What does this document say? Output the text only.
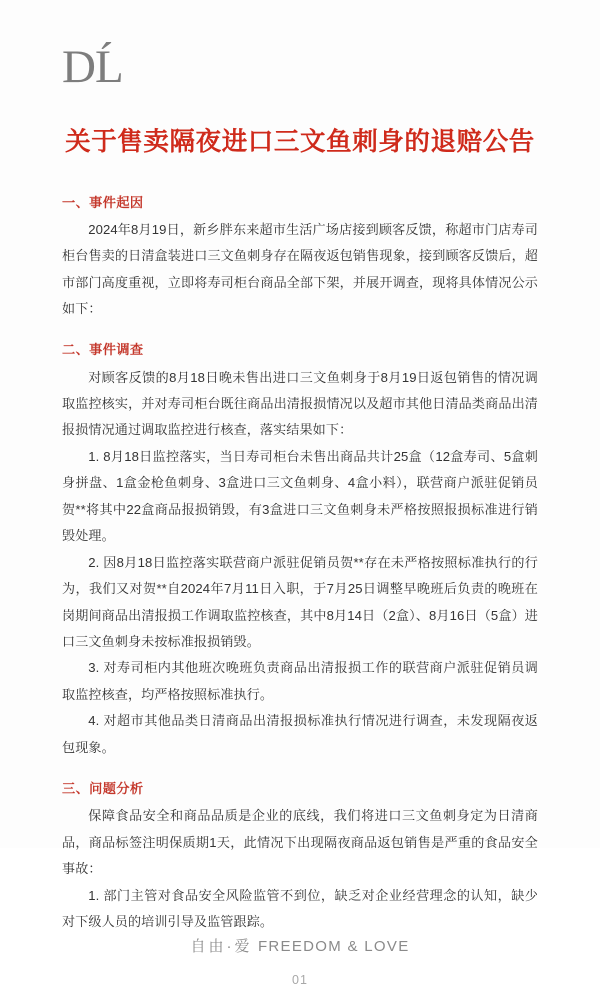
DĹ
关于售卖隔夜进口三文鱼刺身的退赔公告
一、事件起因

2024年8月19日，新乡胖东来超市生活广场店接到顾客反馈，称超市门店寿司柜台售卖的日清盒装进口三文鱼刺身存在隔夜返包销售现象，接到顾客反馈后，超市部门高度重视，立即将寿司柜台商品全部下架，并展开调查，现将具体情况公示如下：

二、事件调查

对顾客反馈的8月18日晚未售出进口三文鱼刺身于8月19日返包销售的情况调取监控核实，并对寿司柜台既往商品出清报损情况以及超市其他日清品类商品出清报损情况通过调取监控进行核查，落实结果如下：

1. 8月18日监控落实，当日寿司柜台未售出商品共计25盒（12盒寿司、5盒刺身拼盘、1盒金枪鱼刺身、3盒进口三文鱼刺身、4盒小料），联营商户派驻促销员贺**将其中22盒商品报损销毁，有3盒进口三文鱼刺身未严格按照报损标准进行销毁处理。

2. 因8月18日监控落实联营商户派驻促销员贺**存在未严格按照标准执行的行为，我们又对贺**自2024年7月11日入职，于7月25日调整早晚班后负责的晚班在岗期间商品出清报损工作调取监控核查，其中8月14日（2盒）、8月16日（5盒）进口三文鱼刺身未按标准报损销毁。

3. 对寿司柜内其他班次晚班负责商品出清报损工作的联营商户派驻促销员调取监控核查，均严格按照标准执行。

4. 对超市其他品类日清商品出清报损标准执行情况进行调查，未发现隔夜返包现象。

三、问题分析

保障食品安全和商品品质是企业的底线，我们将进口三文鱼刺身定为日清商品，商品标签注明保质期1天，此情况下出现隔夜商品返包销售是严重的食品安全事故：

1. 部门主管对食品安全风险监管不到位，缺乏对企业经营理念的认知，缺少对下级人员的培训引导及监管跟踪。

自由·爱 FREEDOM & LOVE
01
